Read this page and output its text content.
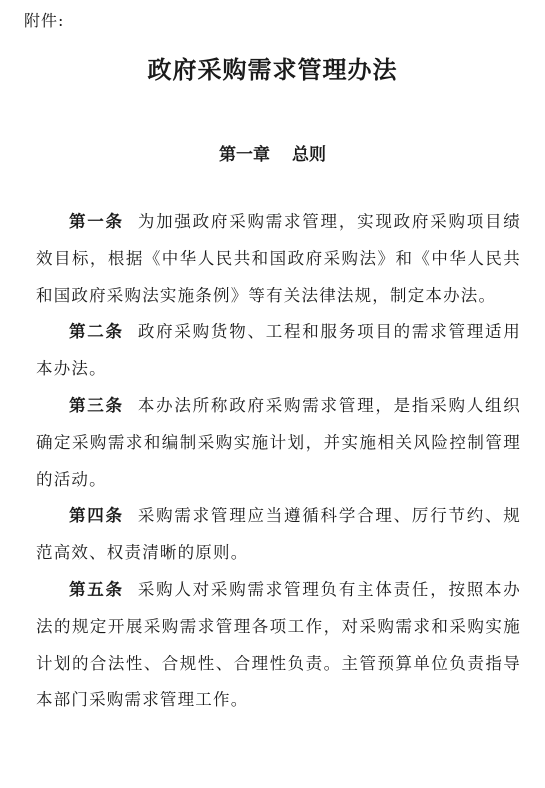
附件:
政府采购需求管理办法
第一章 总则

第一条 为加强政府采购需求管理，实现政府采购项目绩效目标，根据《中华人民共和国政府采购法》和《中华人民共和国政府采购法实施条例》等有关法律法规，制定本办法。

第二条 政府采购货物、工程和服务项目的需求管理适用本办法。

第三条 本办法所称政府采购需求管理，是指采购人组织确定采购需求和编制采购实施计划，并实施相关风险控制管理的活动。

第四条 采购需求管理应当遵循科学合理、厉行节约、规范高效、权责清晰的原则。

第五条 采购人对采购需求管理负有主体责任，按照本办法的规定开展采购需求管理各项工作，对采购需求和采购实施计划的合法性、合规性、合理性负责。主管预算单位负责指导本部门采购需求管理工作。
